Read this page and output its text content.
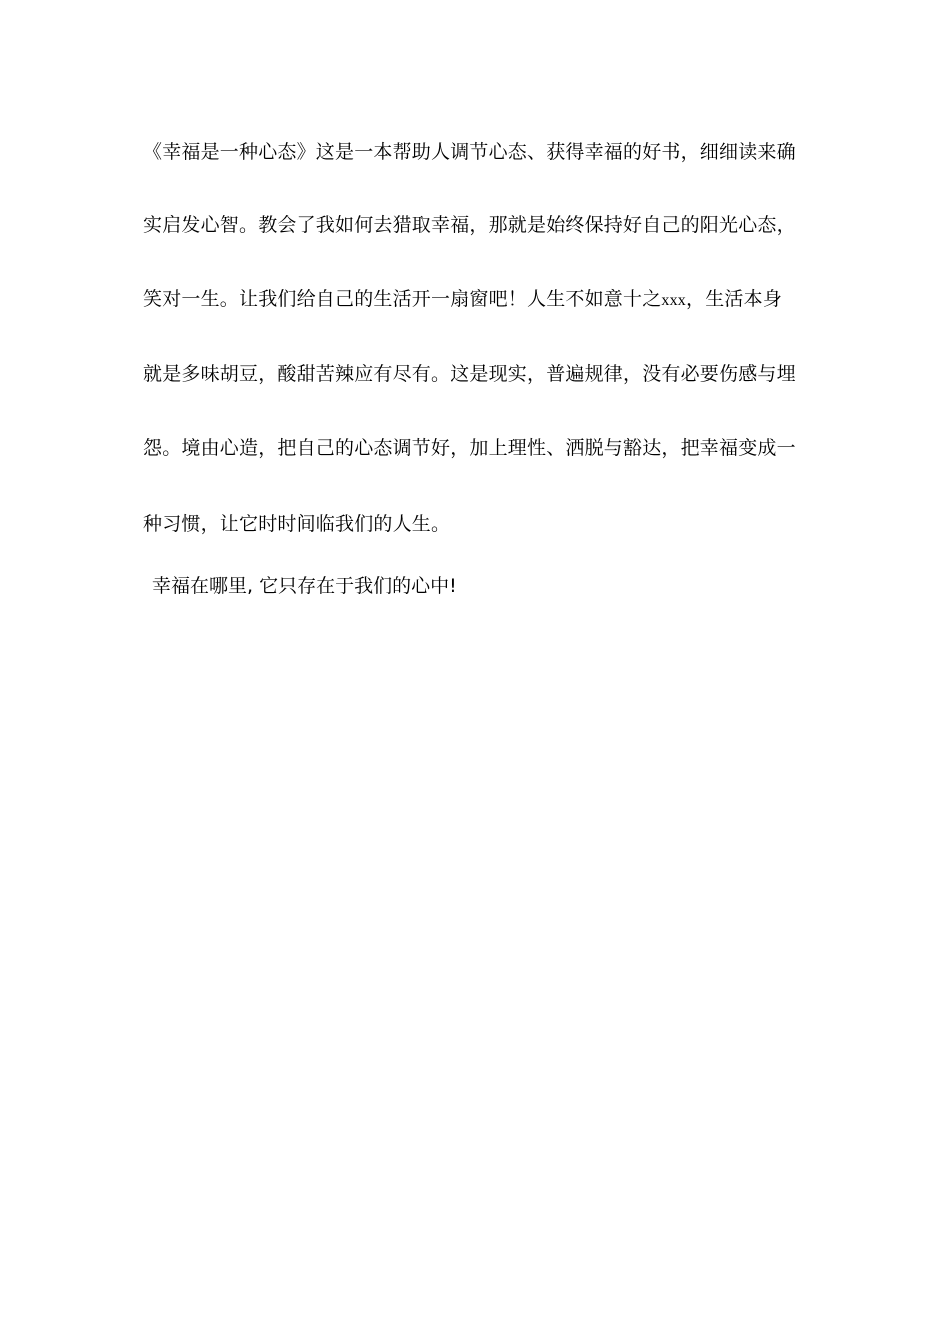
《幸福是一种心态》这是一本帮助人调节心态、获得幸福的好书，细细读来确
实启发心智。教会了我如何去猎取幸福，那就是始终保持好自己的阳光心态，
笑对一生。让我们给自己的生活开一扇窗吧！人生不如意十之xxx，生活本身
就是多味胡豆，酸甜苦辣应有尽有。这是现实，普遍规律，没有必要伤感与埋
怨。境由心造，把自己的心态调节好，加上理性、洒脱与豁达，把幸福变成一
种习惯，让它时时间临我们的人生。
幸福在哪里, 它只存在于我们的心中!
